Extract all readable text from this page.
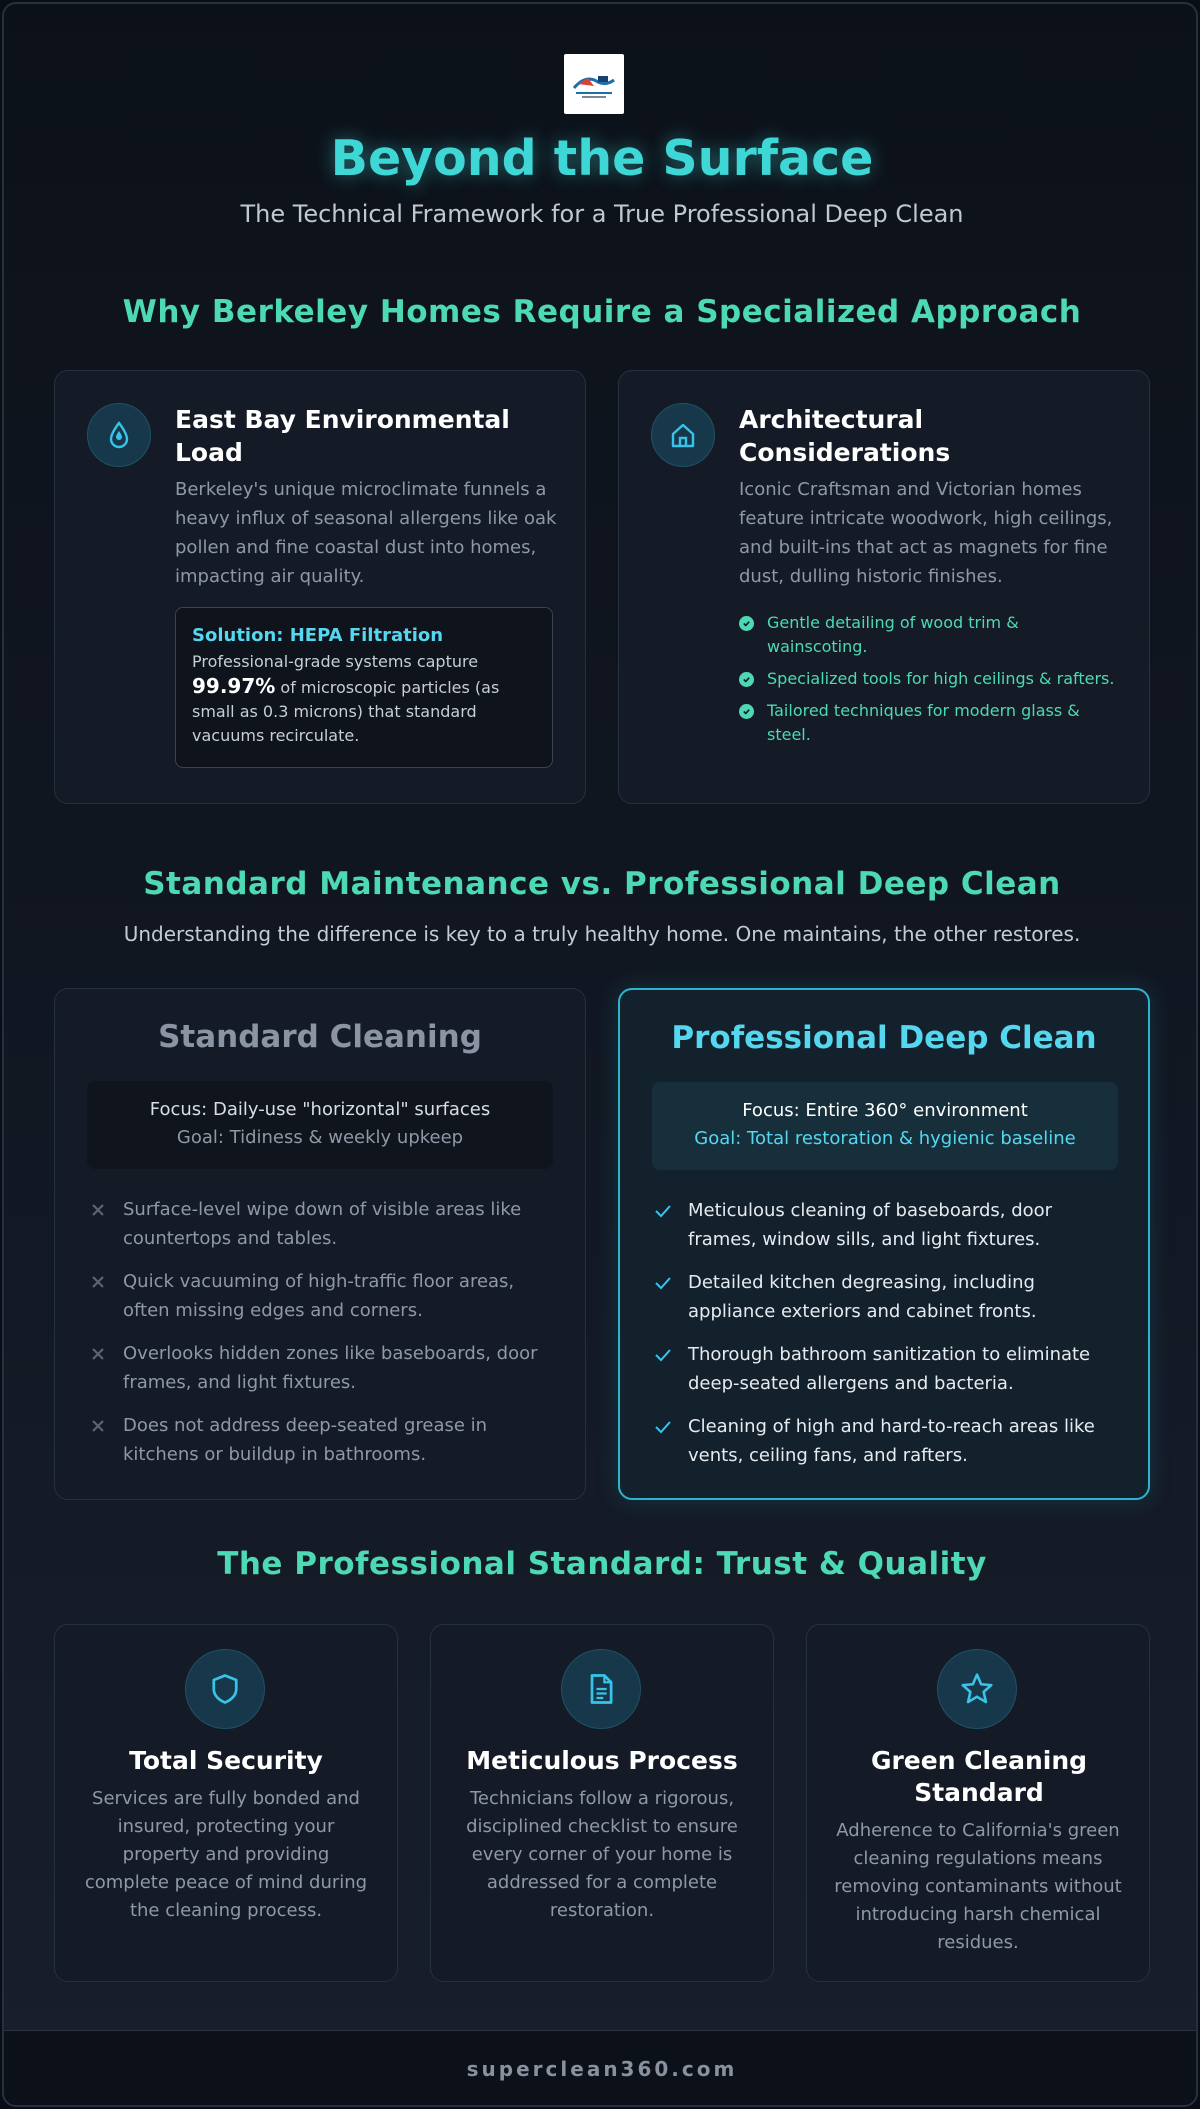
Beyond the Surface
The Technical Framework for a True Professional Deep Clean
Why Berkeley Homes Require a Specialized Approach
East Bay Environmental Load
Berkeley's unique microclimate funnels a heavy influx of seasonal allergens like oak pollen and fine coastal dust into homes, impacting air quality.
Solution: HEPA Filtration
Professional-grade systems capture
99.97% of microscopic particles (as small as 0.3 microns) that standard vacuums recirculate.
Architectural Considerations
Iconic Craftsman and Victorian homes feature intricate woodwork, high ceilings, and built-ins that act as magnets for fine dust, dulling historic finishes.
Gentle detailing of wood trim & wainscoting.
Specialized tools for high ceilings & rafters.
Tailored techniques for modern glass & steel.
Standard Maintenance vs. Professional Deep Clean
Understanding the difference is key to a truly healthy home. One maintains, the other restores.
Standard Cleaning
Focus: Daily-use "horizontal" surfaces
Goal: Tidiness & weekly upkeep
Surface-level wipe down of visible areas like countertops and tables.
Quick vacuuming of high-traffic floor areas, often missing edges and corners.
Overlooks hidden zones like baseboards, door frames, and light fixtures.
Does not address deep-seated grease in kitchens or buildup in bathrooms.
Professional Deep Clean
Focus: Entire 360° environment
Goal: Total restoration & hygienic baseline
Meticulous cleaning of baseboards, door frames, window sills, and light fixtures.
Detailed kitchen degreasing, including appliance exteriors and cabinet fronts.
Thorough bathroom sanitization to eliminate deep-seated allergens and bacteria.
Cleaning of high and hard-to-reach areas like vents, ceiling fans, and rafters.
The Professional Standard: Trust & Quality
Total Security
Services are fully bonded and insured, protecting your property and providing complete peace of mind during the cleaning process.
Meticulous Process
Technicians follow a rigorous, disciplined checklist to ensure every corner of your home is addressed for a complete restoration.
Green Cleaning Standard
Adherence to California's green cleaning regulations means removing contaminants without introducing harsh chemical residues.
superclean360.com
